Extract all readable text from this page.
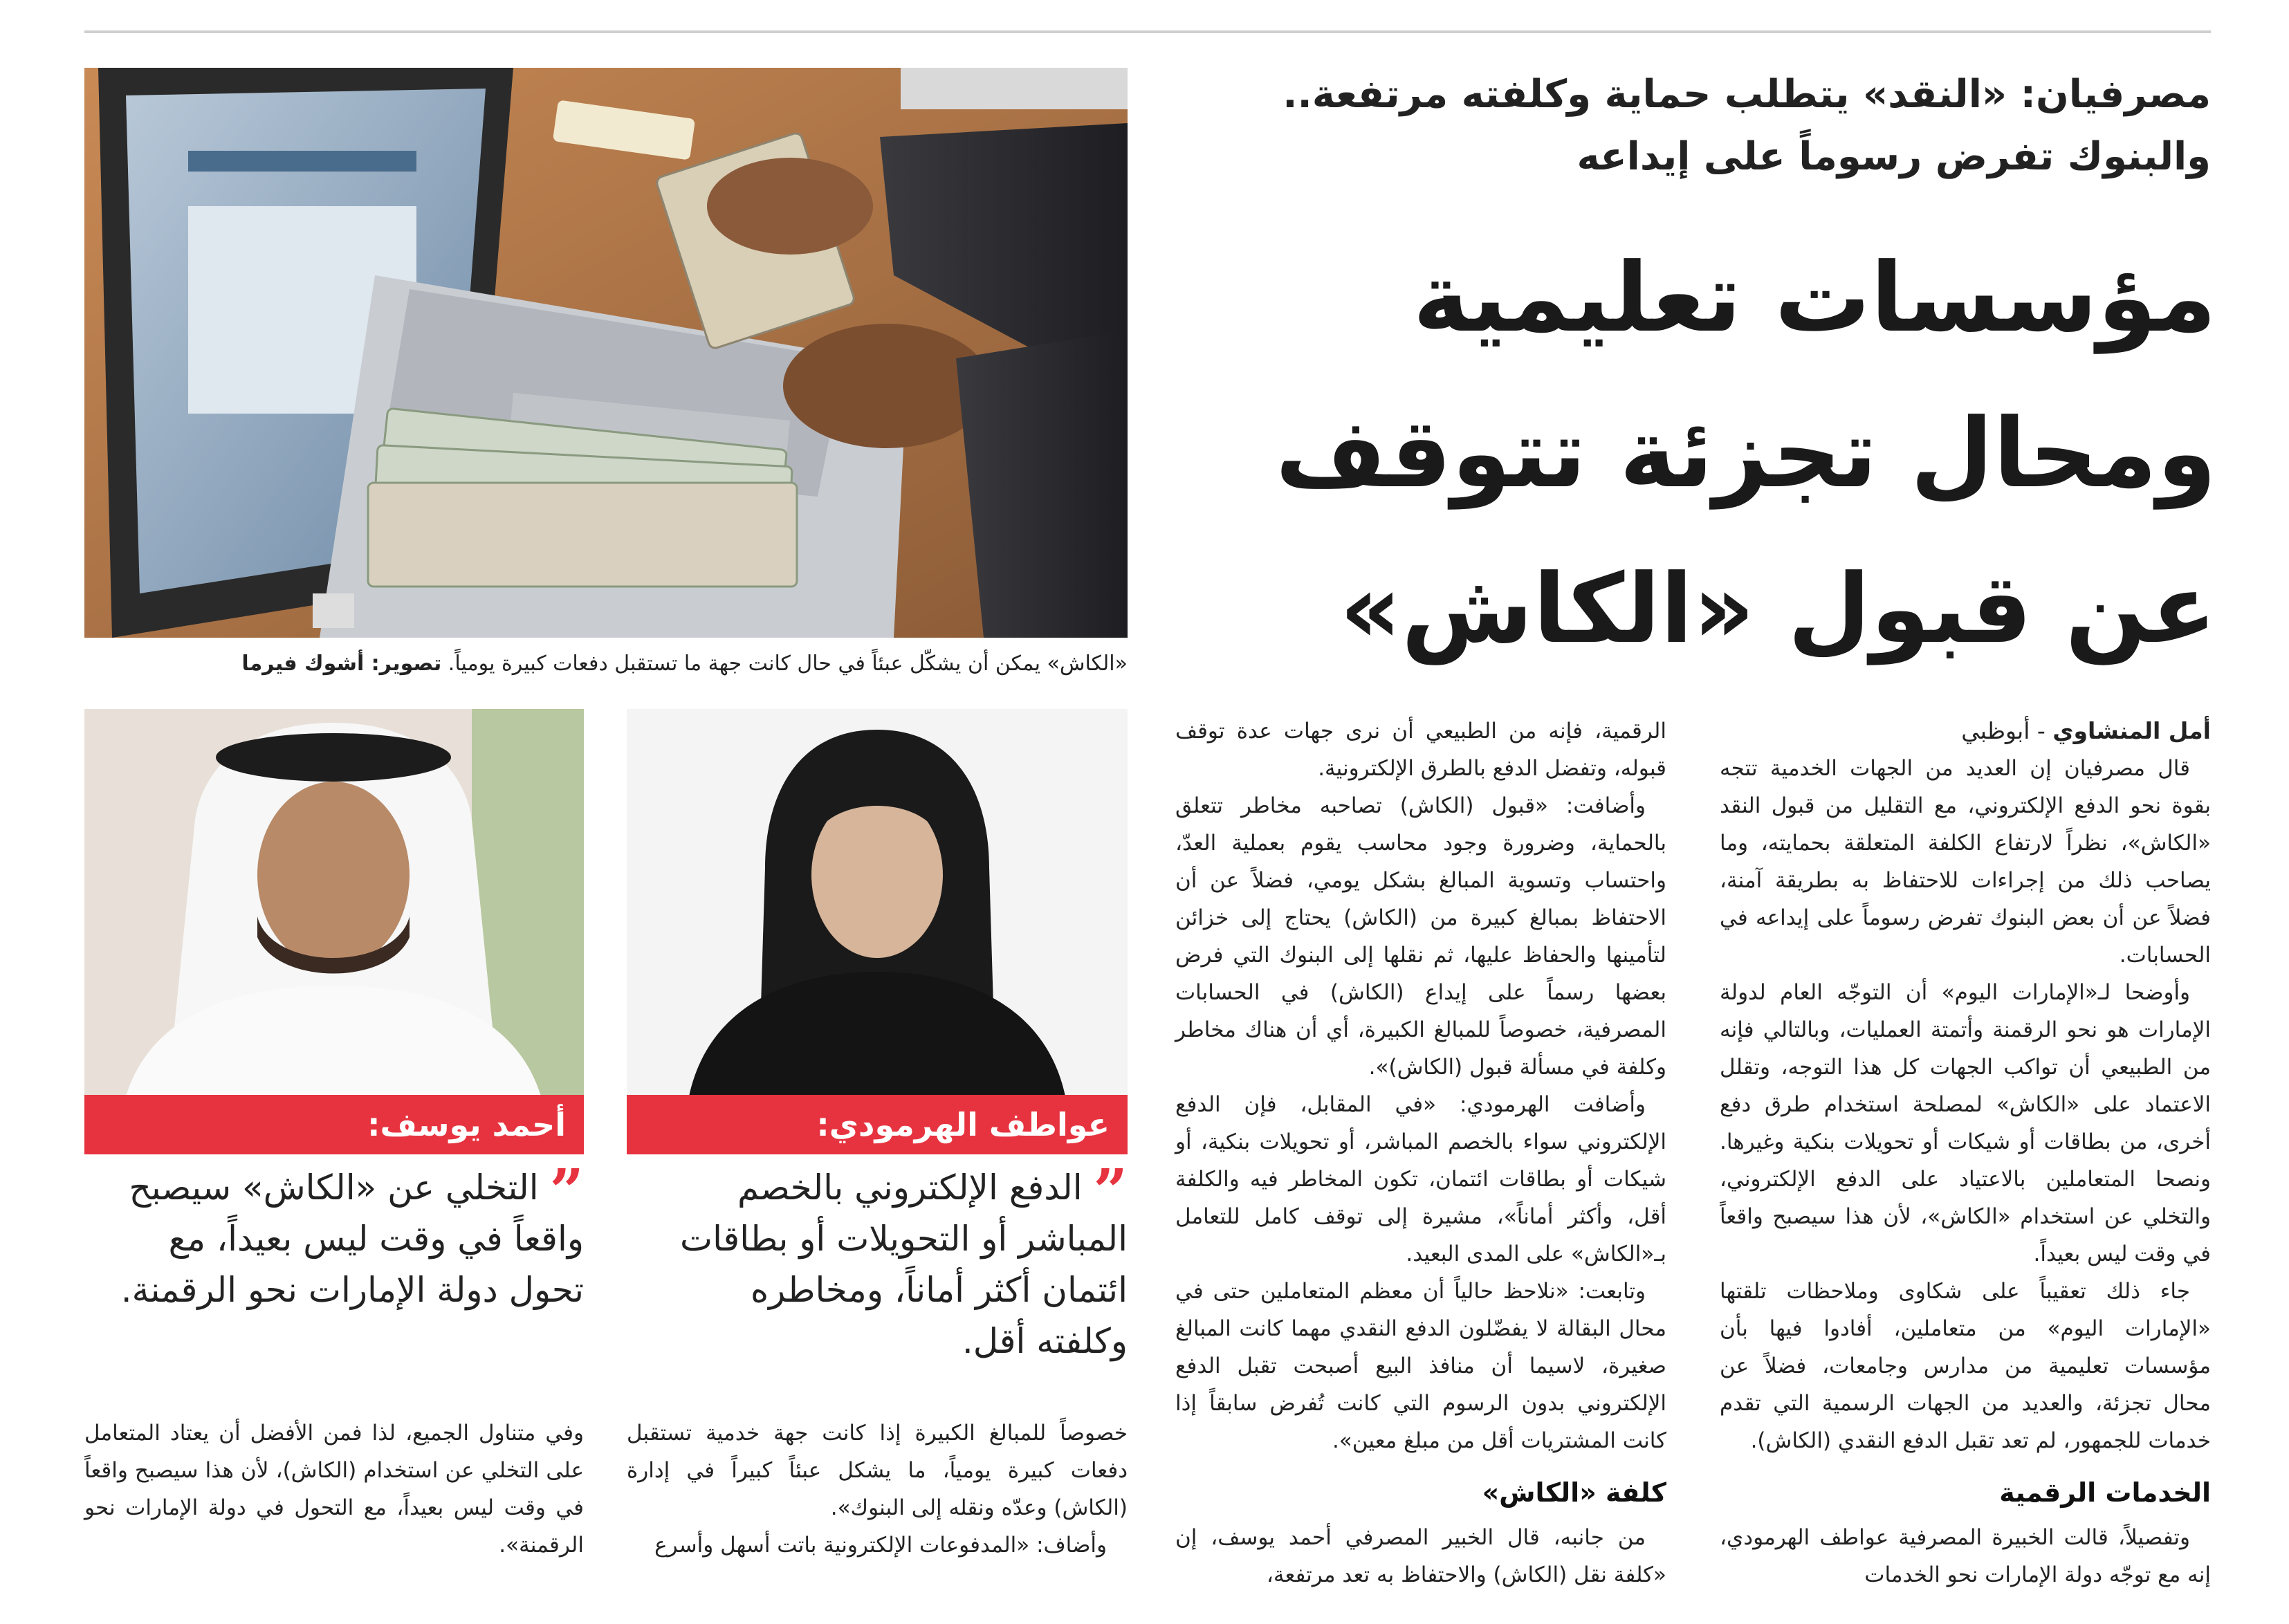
مصرفيان: «النقد» يتطلب حماية وكلفته مرتفعة..
والبنوك تفرض رسوماً على إيداعه
مؤسسات تعليمية
ومحال تجزئة تتوقف
عن قبول «الكاش»
«الكاش» يمكن أن يشكّل عبئاً في حال كانت جهة ما تستقبل دفعات كبيرة يومياً. تصوير: أشوك فيرما
أمل المنشاوي - أبوظبي

قال مصرفيان إن العديد من الجهات الخدمية تتجه بقوة نحو الدفع الإلكتروني، مع التقليل من قبول النقد «الكاش»، نظراً لارتفاع الكلفة المتعلقة بحمايته، وما يصاحب ذلك من إجراءات للاحتفاظ به بطريقة آمنة، فضلاً عن أن بعض البنوك تفرض رسوماً على إيداعه في الحسابات.

وأوضحا لـ«الإمارات اليوم» أن التوجّه العام لدولة الإمارات هو نحو الرقمنة وأتمتة العمليات، وبالتالي فإنه من الطبيعي أن تواكب الجهات كل هذا التوجه، وتقلل الاعتماد على «الكاش» لمصلحة استخدام طرق دفع أخرى، من بطاقات أو شيكات أو تحويلات بنكية وغيرها. ونصحا المتعاملين بالاعتياد على الدفع الإلكتروني، والتخلي عن استخدام «الكاش»، لأن هذا سيصبح واقعاً في وقت ليس بعيداً.

جاء ذلك تعقيباً على شكاوى وملاحظات تلقتها «الإمارات اليوم» من متعاملين، أفادوا فيها بأن مؤسسات تعليمية من مدارس وجامعات، فضلاً عن محال تجزئة، والعديد من الجهات الرسمية التي تقدم خدمات للجمهور، لم تعد تقبل الدفع النقدي (الكاش).

الخدمات الرقمية

وتفصيلاً، قالت الخبيرة المصرفية عواطف الهرمودي، إنه مع توجّه دولة الإمارات نحو الخدمات

الرقمية، فإنه من الطبيعي أن نرى جهات عدة توقف قبوله، وتفضل الدفع بالطرق الإلكترونية.

وأضافت: «قبول (الكاش) تصاحبه مخاطر تتعلق بالحماية، وضرورة وجود محاسب يقوم بعملية العدّ، واحتساب وتسوية المبالغ بشكل يومي، فضلاً عن أن الاحتفاظ بمبالغ كبيرة من (الكاش) يحتاج إلى خزائن لتأمينها والحفاظ عليها، ثم نقلها إلى البنوك التي فرض بعضها رسماً على إيداع (الكاش) في الحسابات المصرفية، خصوصاً للمبالغ الكبيرة، أي أن هناك مخاطر وكلفة في مسألة قبول (الكاش)».

وأضافت الهرمودي: «في المقابل، فإن الدفع الإلكتروني سواء بالخصم المباشر، أو تحويلات بنكية، أو شيكات أو بطاقات ائتمان، تكون المخاطر فيه والكلفة أقل، وأكثر أماناً»، مشيرة إلى توقف كامل للتعامل بـ«الكاش» على المدى البعيد.

وتابعت: «نلاحظ حالياً أن معظم المتعاملين حتى في محال البقالة لا يفضّلون الدفع النقدي مهما كانت المبالغ صغيرة، لاسيما أن منافذ البيع أصبحت تقبل الدفع الإلكتروني بدون الرسوم التي كانت تُفرض سابقاً إذا كانت المشتريات أقل من مبلغ معين».

كلفة «الكاش»

من جانبه، قال الخبير المصرفي أحمد يوسف، إن «كلفة نقل (الكاش) والاحتفاظ به تعد مرتفعة،

عواطف الهرمودي:
” الدفع الإلكتروني بالخصم المباشر أو التحويلات أو بطاقات ائتمان أكثر أماناً، ومخاطره وكلفته أقل.
أحمد يوسف:
” التخلي عن «الكاش» سيصبح واقعاً في وقت ليس بعيداً، مع تحول دولة الإمارات نحو الرقمنة.

خصوصاً للمبالغ الكبيرة إذا كانت جهة خدمية تستقبل دفعات كبيرة يومياً، ما يشكل عبئاً كبيراً في إدارة (الكاش) وعدّه ونقله إلى البنوك».

وأضاف: «المدفوعات الإلكترونية باتت أسهل وأسرع

وفي متناول الجميع، لذا فمن الأفضل أن يعتاد المتعامل على التخلي عن استخدام (الكاش)، لأن هذا سيصبح واقعاً في وقت ليس بعيداً، مع التحول في دولة الإمارات نحو الرقمنة».
